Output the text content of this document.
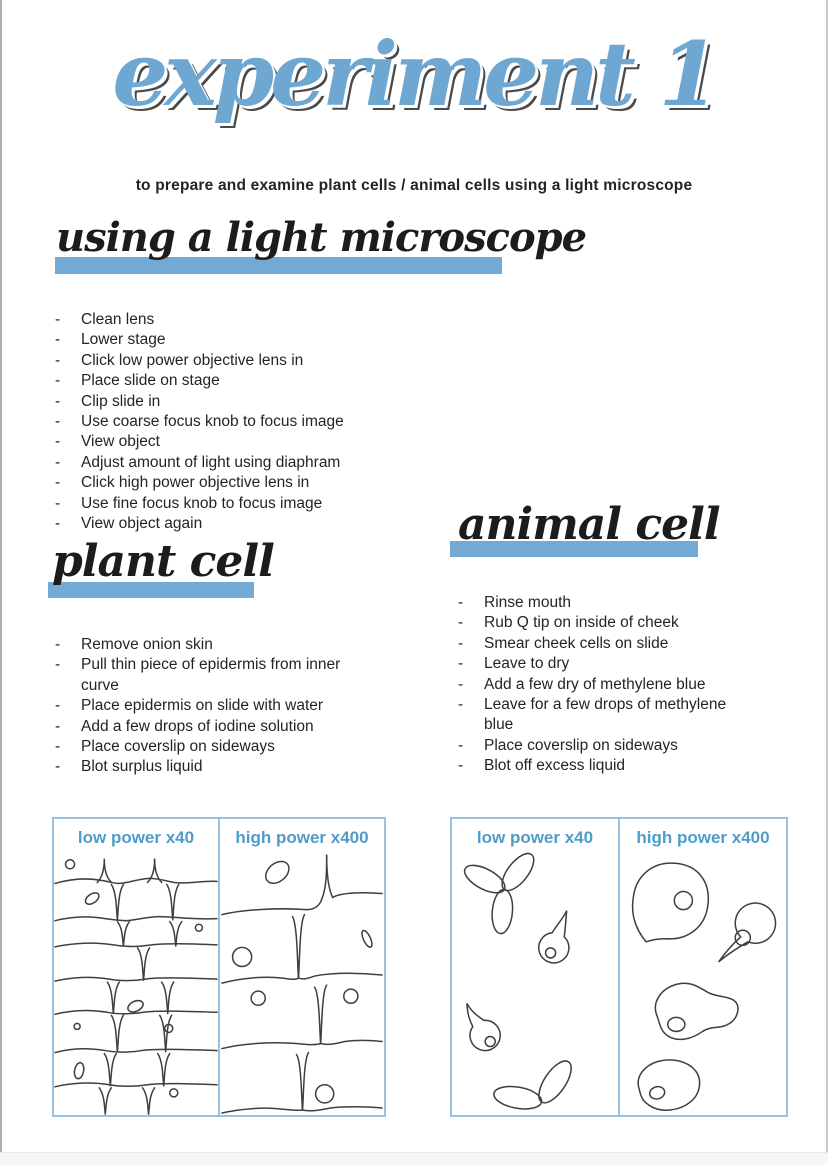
experiment 1
to prepare and examine plant cells / animal cells using a light microscope
using a light microscope
-	Clean lens
-	Lower stage
-	Click low power objective lens in
-	Place slide on stage
-	Clip slide in
-	Use coarse focus knob to focus image
-	View object
-	Adjust amount of light using diaphram
-	Click high power objective lens in
-	Use fine focus knob to focus image
-	View object again
plant cell
-	Remove onion skin
-	Pull thin piece of epidermis from inner curve
-	Place epidermis on slide with water
-	Add a few drops of iodine solution
-	Place coverslip on sideways
-	Blot surplus liquid
animal cell
-	Rinse mouth
-	Rub Q tip on inside of cheek
-	Smear cheek cells on slide
-	Leave to dry
-	Add a few dry of methylene blue
-	Leave for a few drops of methylene blue
-	Place coverslip on sideways
-	Blot off excess liquid
low power x40	high power x400	low power x40	high power x400
